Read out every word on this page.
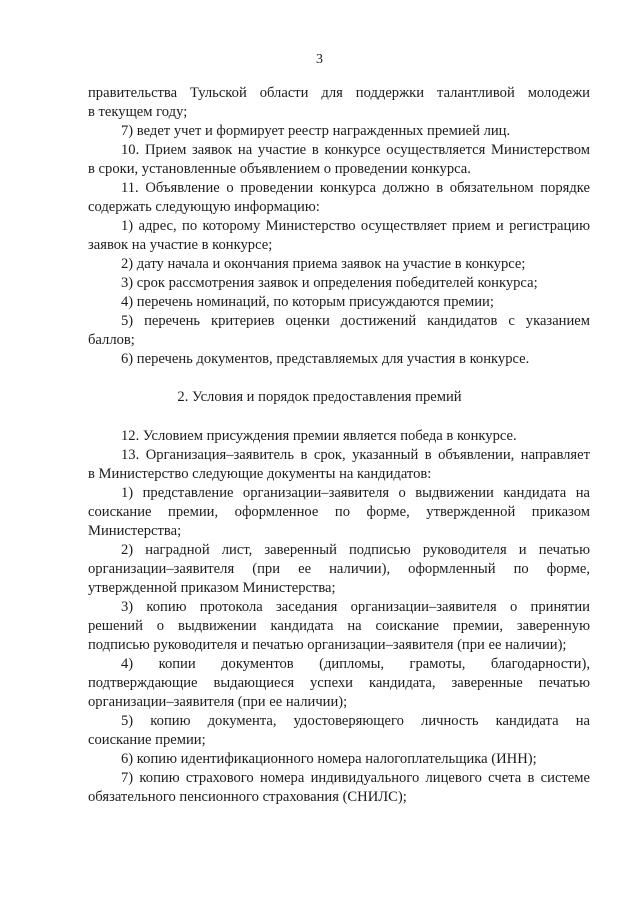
3
правительства Тульской области для поддержки талантливой молодежи
в текущем году;
7) ведет учет и формирует реестр награжденных премией лиц.
10. Прием заявок на участие в конкурсе осуществляется Министерством
в сроки, установленные объявлением о проведении конкурса.
11. Объявление о проведении конкурса должно в обязательном порядке
содержать следующую информацию:
1) адрес, по которому Министерство осуществляет прием и регистрацию
заявок на участие в конкурсе;
2) дату начала и окончания приема заявок на участие в конкурсе;
3) срок рассмотрения заявок и определения победителей конкурса;
4) перечень номинаций, по которым присуждаются премии;
5) перечень критериев оценки достижений кандидатов с указанием
баллов;
6) перечень документов, представляемых для участия в конкурсе.
2. Условия и порядок предоставления премий
12. Условием присуждения премии является победа в конкурсе.
13. Организация–заявитель в срок, указанный в объявлении, направляет
в Министерство следующие документы на кандидатов:
1) представление организации–заявителя о выдвижении кандидата на
соискание премии, оформленное по форме, утвержденной приказом
Министерства;
2) наградной лист, заверенный подписью руководителя и печатью
организации–заявителя (при ее наличии), оформленный по форме,
утвержденной приказом Министерства;
3) копию протокола заседания организации–заявителя о принятии
решений о выдвижении кандидата на соискание премии, заверенную
подписью руководителя и печатью организации–заявителя (при ее наличии);
4) копии документов (дипломы, грамоты, благодарности),
подтверждающие выдающиеся успехи кандидата, заверенные печатью
организации–заявителя (при ее наличии);
5) копию документа, удостоверяющего личность кандидата на
соискание премии;
6) копию идентификационного номера налогоплательщика (ИНН);
7) копию страхового номера индивидуального лицевого счета в системе
обязательного пенсионного страхования (СНИЛС);
